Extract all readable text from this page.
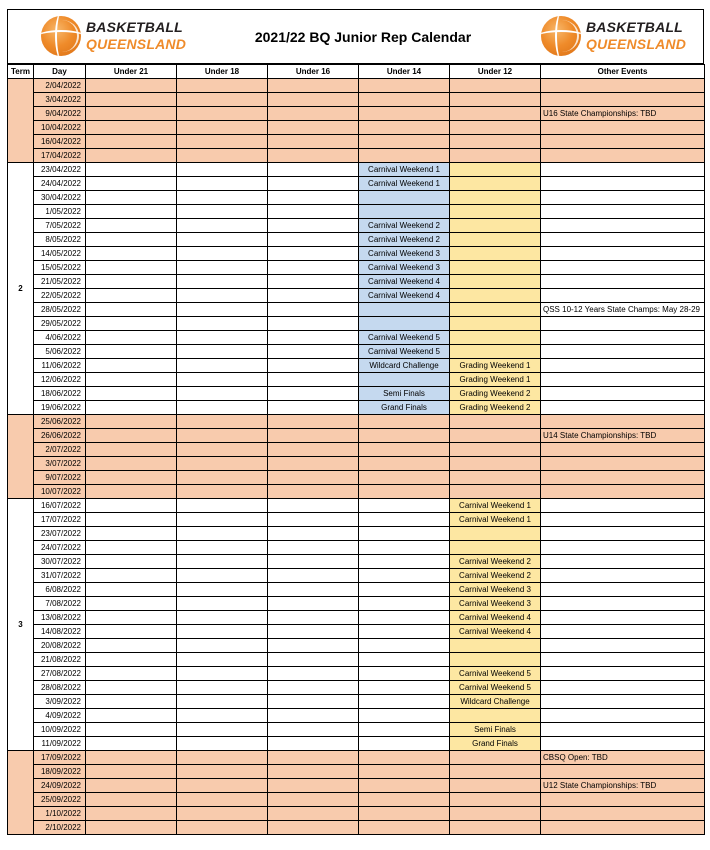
BASKETBALL
QUEENSLAND	2021/22 BQ Junior Rep Calendar
BASKETBALL
QUEENSLAND
Term	Day	Under 21	Under 18	Under 16	Under 14	Under 12	Other Events
	2/04/2022						
	3/04/2022						
	9/04/2022						U16 State Championships: TBD
	10/04/2022						
	16/04/2022						
	17/04/2022						
2	23/04/2022				Carnival Weekend 1		
	24/04/2022				Carnival Weekend 1		
	30/04/2022						
	1/05/2022						
	7/05/2022				Carnival Weekend 2		
	8/05/2022				Carnival Weekend 2		
	14/05/2022				Carnival Weekend 3		
	15/05/2022				Carnival Weekend 3		
	21/05/2022				Carnival Weekend 4		
	22/05/2022				Carnival Weekend 4		
	28/05/2022						QSS 10-12 Years State Champs: May 28-29
	29/05/2022						
	4/06/2022				Carnival Weekend 5		
	5/06/2022				Carnival Weekend 5		
	11/06/2022				Wildcard Challenge	Grading Weekend 1	
	12/06/2022					Grading Weekend 1	
	18/06/2022				Semi Finals	Grading Weekend 2	
	19/06/2022				Grand Finals	Grading Weekend 2	
	25/06/2022						
	26/06/2022						U14 State Championships: TBD
	2/07/2022						
	3/07/2022						
	9/07/2022						
	10/07/2022						
3	16/07/2022					Carnival Weekend 1	
	17/07/2022					Carnival Weekend 1	
	23/07/2022						
	24/07/2022						
	30/07/2022					Carnival Weekend 2	
	31/07/2022					Carnival Weekend 2	
	6/08/2022					Carnival Weekend 3	
	7/08/2022					Carnival Weekend 3	
	13/08/2022					Carnival Weekend 4	
	14/08/2022					Carnival Weekend 4	
	20/08/2022						
	21/08/2022						
	27/08/2022					Carnival Weekend 5	
	28/08/2022					Carnival Weekend 5	
	3/09/2022					Wildcard Challenge	
	4/09/2022						
	10/09/2022					Semi Finals	
	11/09/2022					Grand Finals	
	17/09/2022						CBSQ Open: TBD
	18/09/2022						
	24/09/2022						U12 State Championships: TBD
	25/09/2022						
	1/10/2022						
	2/10/2022						
